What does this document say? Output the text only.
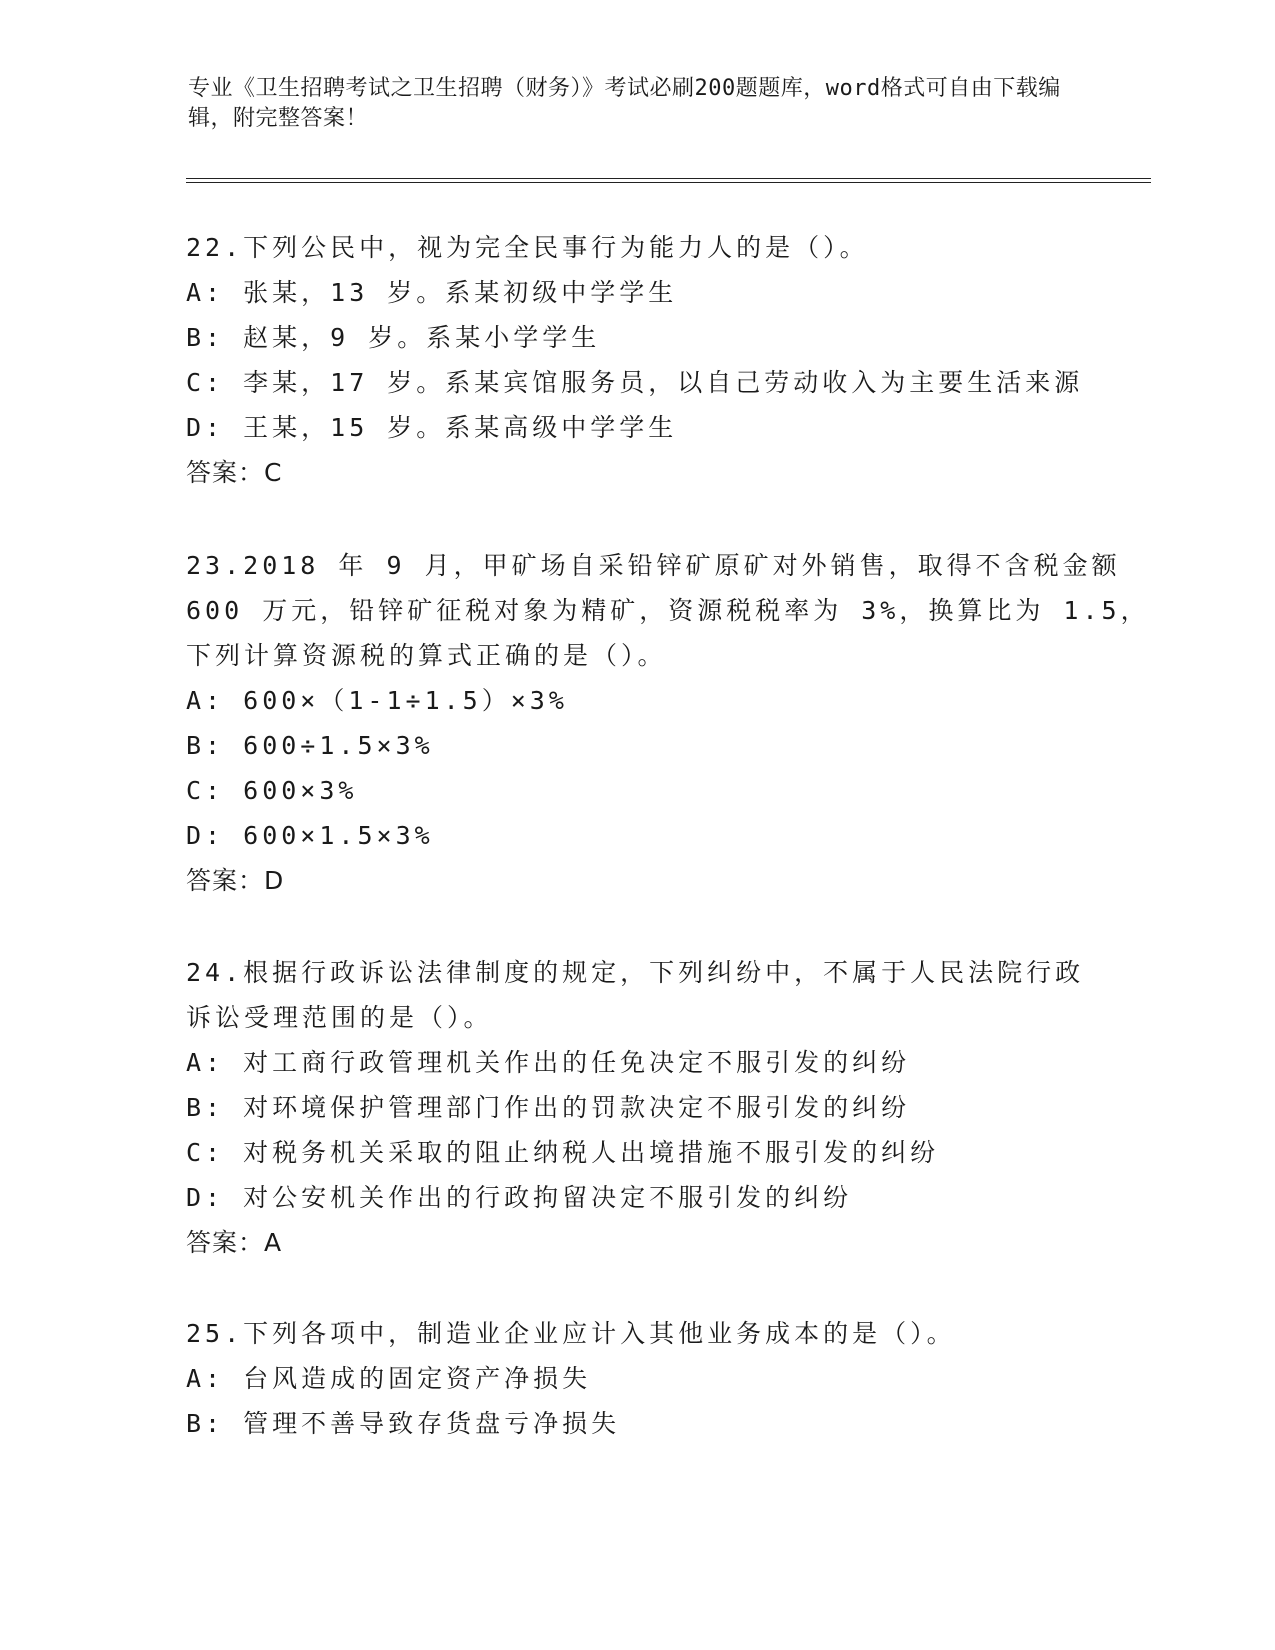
专业《卫生招聘考试之卫生招聘（财务）》考试必刷200题题库，word格式可自由下载编辑，附完整答案！
22.下列公民中，视为完全民事行为能力人的是（）。
A: 张某，13 岁。系某初级中学学生
B: 赵某，9 岁。系某小学学生
C: 李某，17 岁。系某宾馆服务员，以自己劳动收入为主要生活来源
D: 王某，15 岁。系某高级中学学生
答案：C
23.2018 年 9 月，甲矿场自采铅锌矿原矿对外销售，取得不含税金额
600 万元，铅锌矿征税对象为精矿，资源税税率为 3%，换算比为 1.5，
下列计算资源税的算式正确的是（）。
A: 600×（1-1÷1.5）×3%
B: 600÷1.5×3%
C: 600×3%
D: 600×1.5×3%
答案：D
24.根据行政诉讼法律制度的规定，下列纠纷中，不属于人民法院行政
诉讼受理范围的是（）。
A: 对工商行政管理机关作出的任免决定不服引发的纠纷
B: 对环境保护管理部门作出的罚款决定不服引发的纠纷
C: 对税务机关采取的阻止纳税人出境措施不服引发的纠纷
D: 对公安机关作出的行政拘留决定不服引发的纠纷
答案：A
25.下列各项中，制造业企业应计入其他业务成本的是（）。
A: 台风造成的固定资产净损失
B: 管理不善导致存货盘亏净损失
